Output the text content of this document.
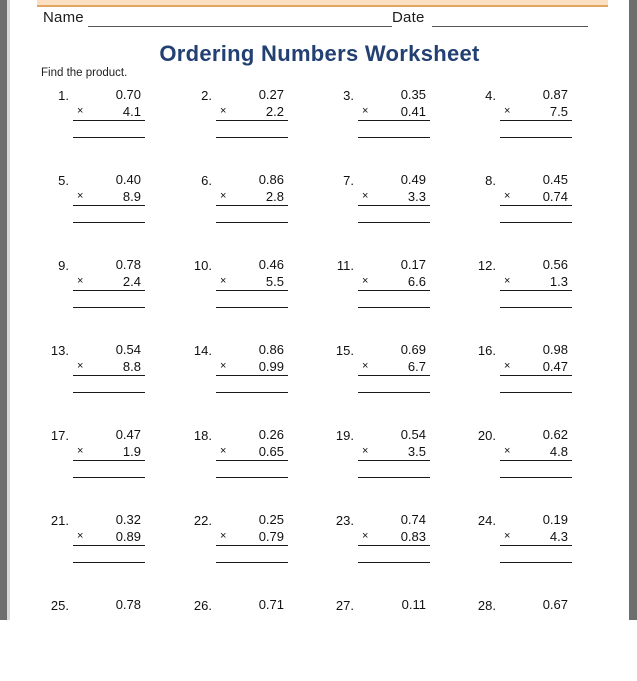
Name	Date
Ordering Numbers Worksheet
Find the product.
1.	0.70
×	4.1
2.	0.27
×	2.2
3.	0.35
× 0.41
4.	0.87
×	7.5
5.	0.40
×	8.9
6.	0.86
×	2.8
7.	0.49
×	3.3
8.	0.45
× 0.74
9.	0.78
×	2.4
10.	0.46
×	5.5
11.	0.17
×	6.6
12.	0.56
×	1.3
13.	0.54
×	8.8
14.	0.86
× 0.99
15.	0.69
×	6.7
16.	0.98
× 0.47
17.	0.47
×	1.9
18.	0.26
× 0.65
19.	0.54
×	3.5
20.	0.62
×	4.8
21.	0.32
× 0.89
22.	0.25
× 0.79
23.	0.74
× 0.83
24.	0.19
×	4.3
25.	0.78	26.	0.71	27.	0.11	28.	0.67
